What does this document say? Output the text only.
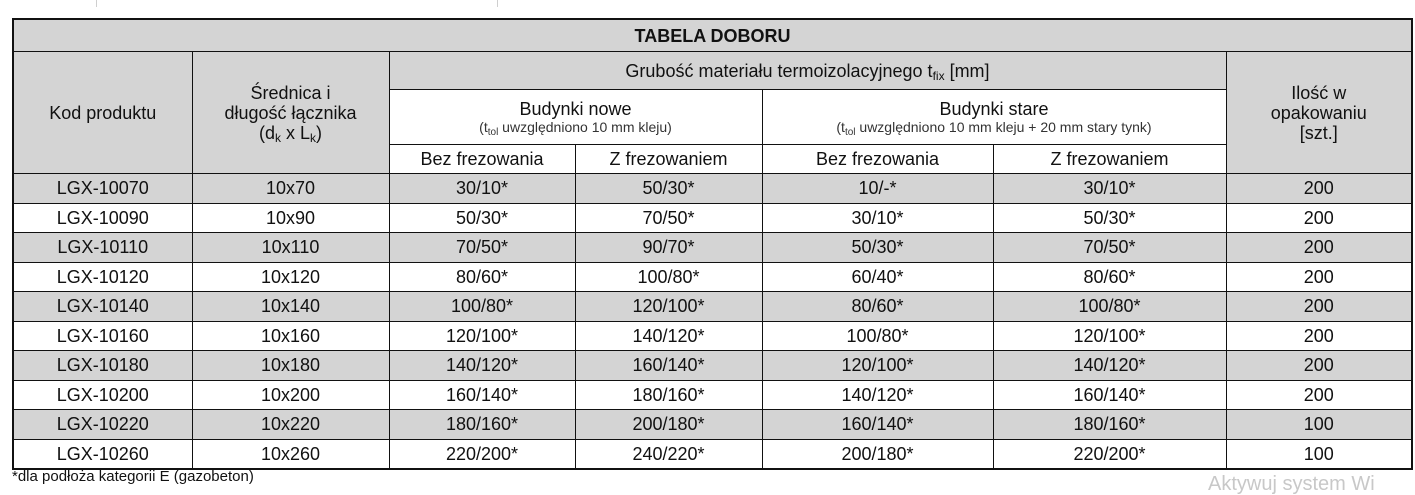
TABELA DOBORU						
Kod produktu	Średnica i
długość łącznika
($d_k$ x $L_k$)	Grubość materiału termoizolacyjnego $t_{fix}$ [mm]				Ilość w
opakowaniu
[szt.]
		Budynki nowe
($t_{tol}$ uwzględniono 10 mm kleju)		Budynki stare
($t_{tol}$ uwzględniono 10 mm kleju + 20 mm stary tynk)		

		Bez frezowania	Z frezowaniem	Bez frezowania	Z frezowaniem	
LGX-10070	10x70	30/10*	50/30*	10/-*	30/10*	200
LGX-10090	10x90	50/30*	70/50*	30/10*	50/30*	200
LGX-10110	10x110	70/50*	90/70*	50/30*	70/50*	200
LGX-10120	10x120	80/60*	100/80*	60/40*	80/60*	200
LGX-10140	10x140	100/80*	120/100*	80/60*	100/80*	200
LGX-10160	10x160	120/100*	140/120*	100/80*	120/100*	200
LGX-10180	10x180	140/120*	160/140*	120/100*	140/120*	200
LGX-10200	10x200	160/140*	180/160*	140/120*	160/140*	200
LGX-10220	10x220	180/160*	200/180*	160/140*	180/160*	100
LGX-10260	10x260	220/200*	240/220*	200/180*	220/200*	100
*dla podłoża kategorii E (gazobeton)	Aktywuj system Wi
